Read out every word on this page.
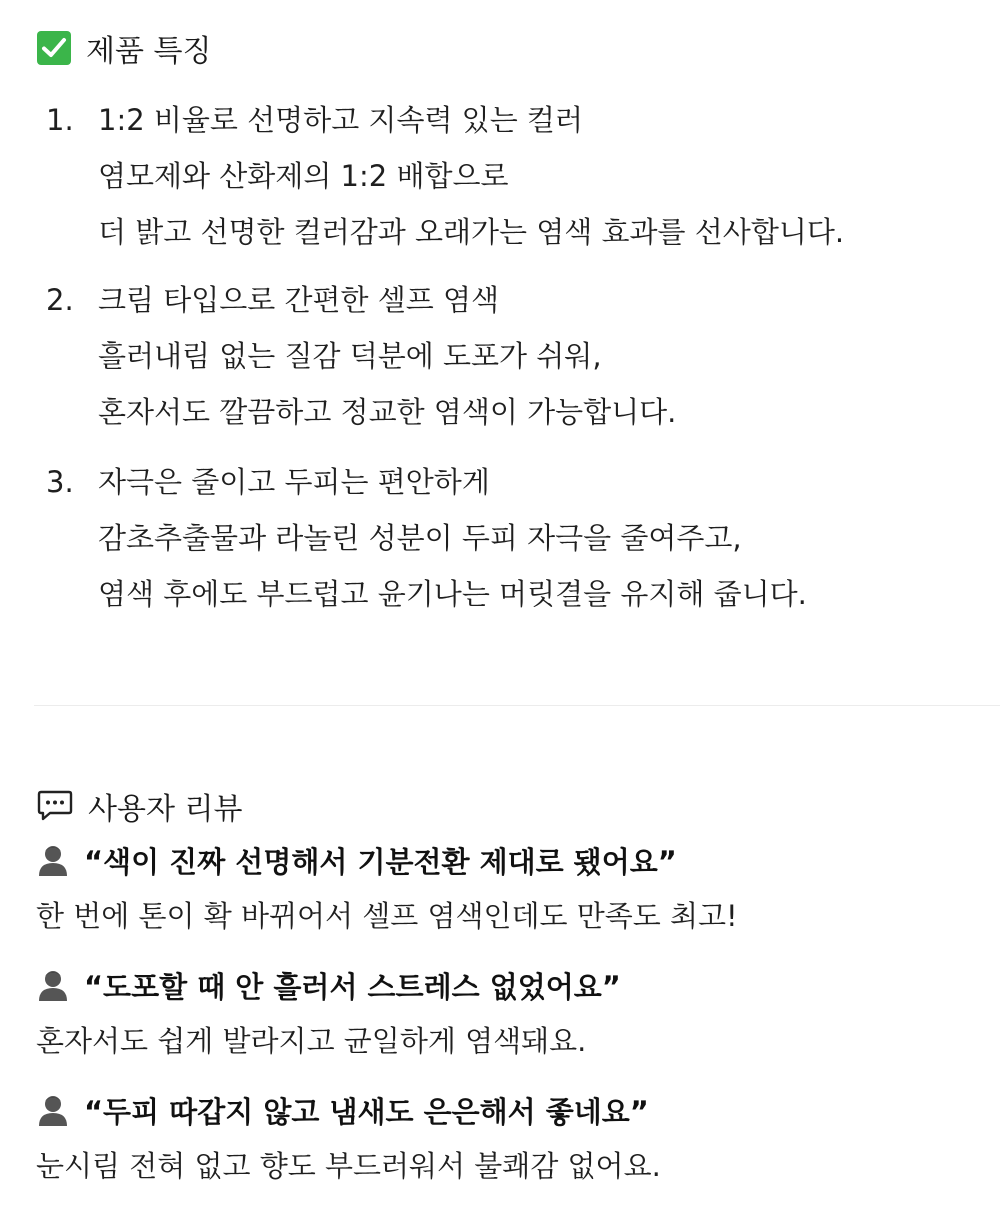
제품 특징
1. 1:2 비율로 선명하고 지속력 있는 컬러
염모제와 산화제의 1:2 배합으로
더 밝고 선명한 컬러감과 오래가는 염색 효과를 선사합니다.
2. 크림 타입으로 간편한 셀프 염색
흘러내림 없는 질감 덕분에 도포가 쉬워,
혼자서도 깔끔하고 정교한 염색이 가능합니다.
3. 자극은 줄이고 두피는 편안하게
감초추출물과 라놀린 성분이 두피 자극을 줄여주고,
염색 후에도 부드럽고 윤기나는 머릿결을 유지해 줍니다.
사용자 리뷰
“색이 진짜 선명해서 기분전환 제대로 됐어요”
한 번에 톤이 확 바뀌어서 셀프 염색인데도 만족도 최고!
“도포할 때 안 흘러서 스트레스 없었어요”
혼자서도 쉽게 발라지고 균일하게 염색돼요.
“두피 따갑지 않고 냄새도 은은해서 좋네요”
눈시림 전혀 없고 향도 부드러워서 불쾌감 없어요.
